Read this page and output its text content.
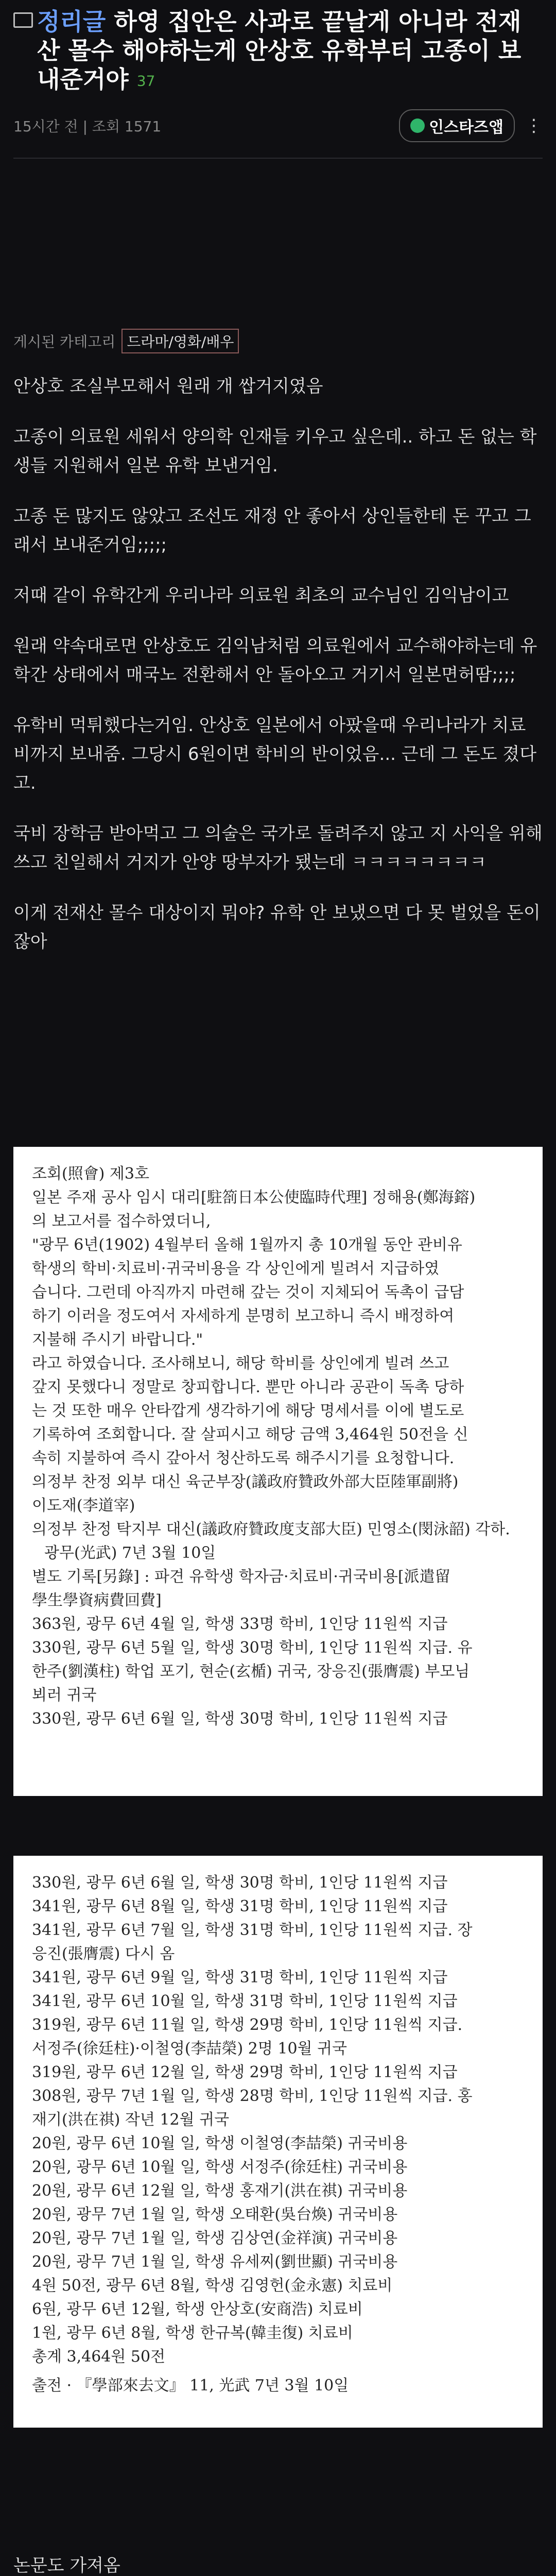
정리글 하영 집안은 사과로 끝날게 아니라 전재산 몰수 해야하는게 안상호 유학부터 고종이 보내준거야 37
15시간 전 | 조회 1571	인스타즈앱 ⋮
게시된 카테고리 드라마/영화/배우

안상호 조실부모해서 원래 개 쌉거지였음

고종이 의료원 세워서 양의학 인재들 키우고 싶은데.. 하고 돈 없는 학생들 지원해서 일본 유학 보낸거임.

고종 돈 많지도 않았고 조선도 재정 안 좋아서 상인들한테 돈 꾸고 그래서 보내준거임;;;;;

저때 같이 유학간게 우리나라 의료원 최초의 교수님인 김익남이고

원래 약속대로면 안상호도 김익남처럼 의료원에서 교수해야하는데 유학간 상태에서 매국노 전환해서 안 돌아오고 거기서 일본면허땀;;;;

유학비 먹튀했다는거임. 안상호 일본에서 아팠을때 우리나라가 치료비까지 보내줌. 그당시 6원이면 학비의 반이었음... 근데 그 돈도 졌다고.

국비 장학금 받아먹고 그 의술은 국가로 돌려주지 않고 지 사익을 위해 쓰고 친일해서 거지가 안양 땅부자가 됐는데 ㅋㅋㅋㅋㅋㅋㅋㅋ

이게 전재산 몰수 대상이지 뭐야? 유학 안 보냈으면 다 못 벌었을 돈이잖아

조회(照會) 제3호
일본 주재 공사 임시 대리[駐箚日本公使臨時代理] 정해용(鄭海鎔)
의 보고서를 접수하였더니,
"광무 6년(1902) 4월부터 올해 1월까지 총 10개월 동안 관비유
학생의 학비·치료비·귀국비용을 각 상인에게 빌려서 지급하였
습니다. 그런데 아직까지 마련해 갚는 것이 지체되어 독촉이 급담
하기 이러을 정도여서 자세하게 분명히 보고하니 즉시 배정하여
지불해 주시기 바랍니다."
라고 하였습니다. 조사해보니, 해당 학비를 상인에게 빌려 쓰고
갚지 못했다니 정말로 창피합니다. 뿐만 아니라 공관이 독촉 당하
는 것 또한 매우 안타깝게 생각하기에 해당 명세서를 이에 별도로
기록하여 조회합니다. 잘 살피시고 해당 금액 3,464원 50전을 신
속히 지불하여 즉시 갚아서 청산하도록 해주시기를 요청합니다.
의정부 찬정 외부 대신 육군부장(議政府贊政外部大臣陸軍副將)
이도재(李道宰)
의정부 찬정 탁지부 대신(議政府贊政度支部大臣) 민영소(閔泳韶) 각하.
광무(光武) 7년 3월 10일
별도 기록[另錄] : 파견 유학생 학자금·치료비·귀국비용[派遣留
學生學資病費回費]
363원, 광무 6년 4월 일, 학생 33명 학비, 1인당 11원씩 지급
330원, 광무 6년 5월 일, 학생 30명 학비, 1인당 11원씩 지급. 유
한주(劉漢柱) 학업 포기, 현순(玄楯) 귀국, 장응진(張膺震) 부모님
뵈러 귀국
330원, 광무 6년 6월 일, 학생 30명 학비, 1인당 11원씩 지급
330원, 광무 6년 6월 일, 학생 30명 학비, 1인당 11원씩 지급
341원, 광무 6년 8월 일, 학생 31명 학비, 1인당 11원씩 지급
341원, 광무 6년 7월 일, 학생 31명 학비, 1인당 11원씩 지급. 장
응진(張膺震) 다시 옴
341원, 광무 6년 9월 일, 학생 31명 학비, 1인당 11원씩 지급
341원, 광무 6년 10월 일, 학생 31명 학비, 1인당 11원씩 지급
319원, 광무 6년 11월 일, 학생 29명 학비, 1인당 11원씩 지급.
서정주(徐廷柱)·이철영(李喆榮) 2명 10월 귀국
319원, 광무 6년 12월 일, 학생 29명 학비, 1인당 11원씩 지급
308원, 광무 7년 1월 일, 학생 28명 학비, 1인당 11원씩 지급. 홍
재기(洪在祺) 작년 12월 귀국
20원, 광무 6년 10월 일, 학생 이철영(李喆榮) 귀국비용
20원, 광무 6년 10월 일, 학생 서정주(徐廷柱) 귀국비용
20원, 광무 6년 12월 일, 학생 홍재기(洪在祺) 귀국비용
20원, 광무 7년 1월 일, 학생 오태환(吳台煥) 귀국비용
20원, 광무 7년 1월 일, 학생 김상연(金祥演) 귀국비용
20원, 광무 7년 1월 일, 학생 유세찌(劉世顯) 귀국비용
4원 50전, 광무 6년 8월, 학생 김영헌(金永憲) 치료비
6원, 광무 6년 12월, 학생 안상호(安商浩) 치료비
1원, 광무 6년 8월, 학생 한규복(韓圭復) 치료비
총계 3,464원 50전
출전 · 『學部來去文』 11, 光武 7년 3월 10일
논문도 가져옴
